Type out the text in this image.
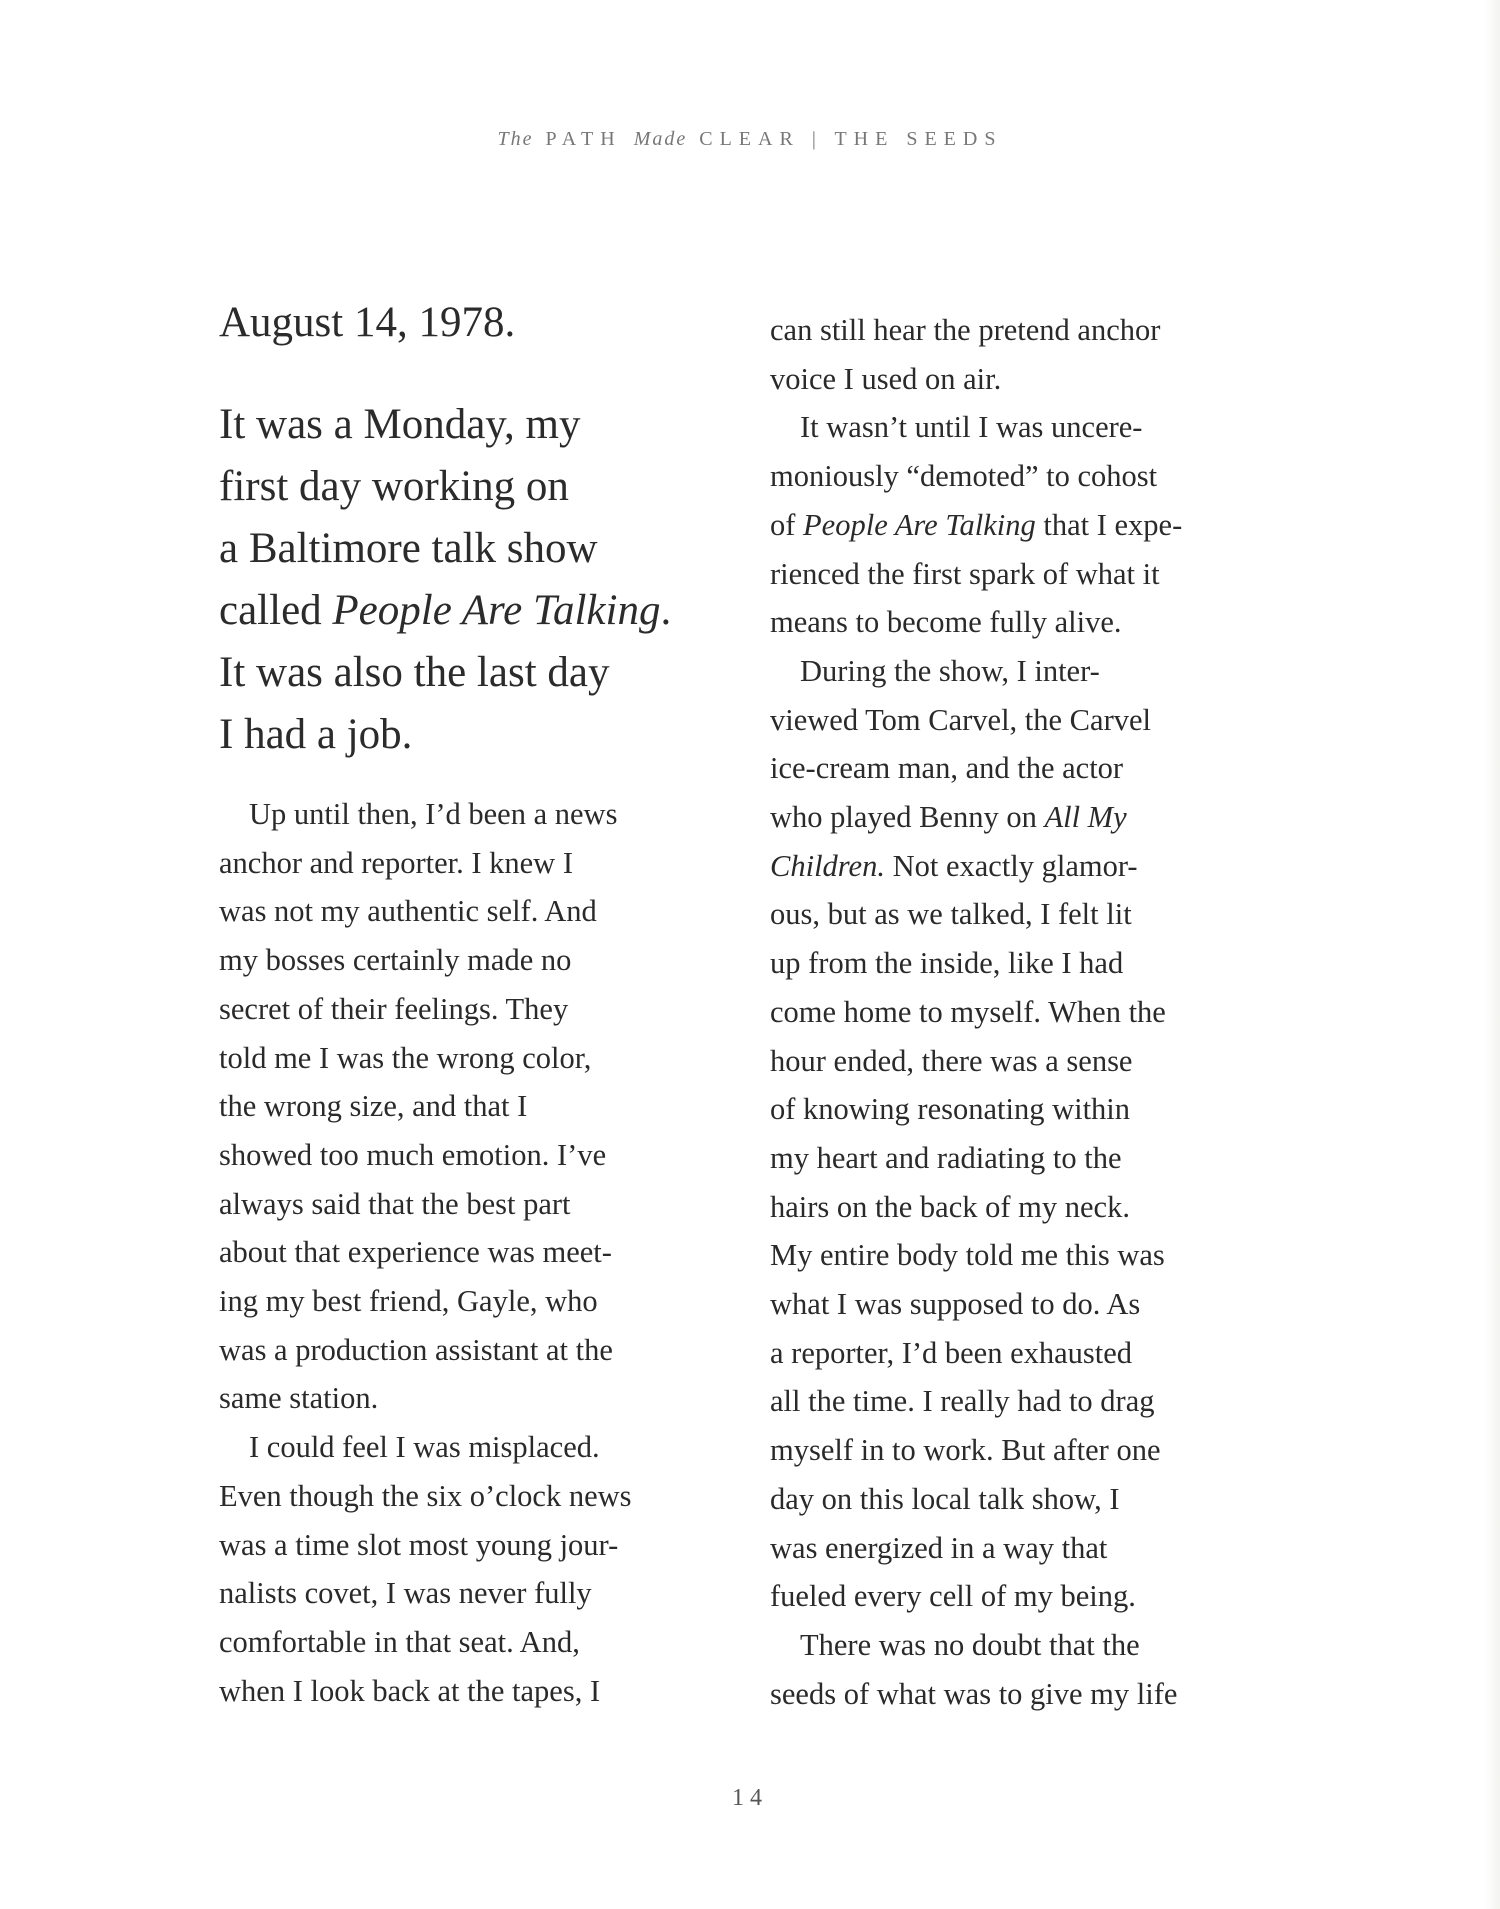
The PATH Made CLEAR | THE SEEDS
August 14, 1978.
It was a Monday, my
first day working on
a Baltimore talk show
called People Are Talking.
It was also the last day
I had a job.

Up until then, I’d been a news
anchor and reporter. I knew I
was not my authentic self. And
my bosses certainly made no
secret of their feelings. They
told me I was the wrong color,
the wrong size, and that I
showed too much emotion. I’ve
always said that the best part
about that experience was meet-
ing my best friend, Gayle, who
was a production assistant at the
same station.

I could feel I was misplaced.
Even though the six o’clock news
was a time slot most young jour-
nalists covet, I was never fully
comfortable in that seat. And,
when I look back at the tapes, I

can still hear the pretend anchor
voice I used on air.

It wasn’t until I was uncere-
moniously “demoted” to cohost
of People Are Talking that I expe-
rienced the first spark of what it
means to become fully alive.

During the show, I inter-
viewed Tom Carvel, the Carvel
ice-cream man, and the actor
who played Benny on All My
Children. Not exactly glamor-
ous, but as we talked, I felt lit
up from the inside, like I had
come home to myself. When the
hour ended, there was a sense
of knowing resonating within
my heart and radiating to the
hairs on the back of my neck.
My entire body told me this was
what I was supposed to do. As
a reporter, I’d been exhausted
all the time. I really had to drag
myself in to work. But after one
day on this local talk show, I
was energized in a way that
fueled every cell of my being.

There was no doubt that the
seeds of what was to give my life

14
